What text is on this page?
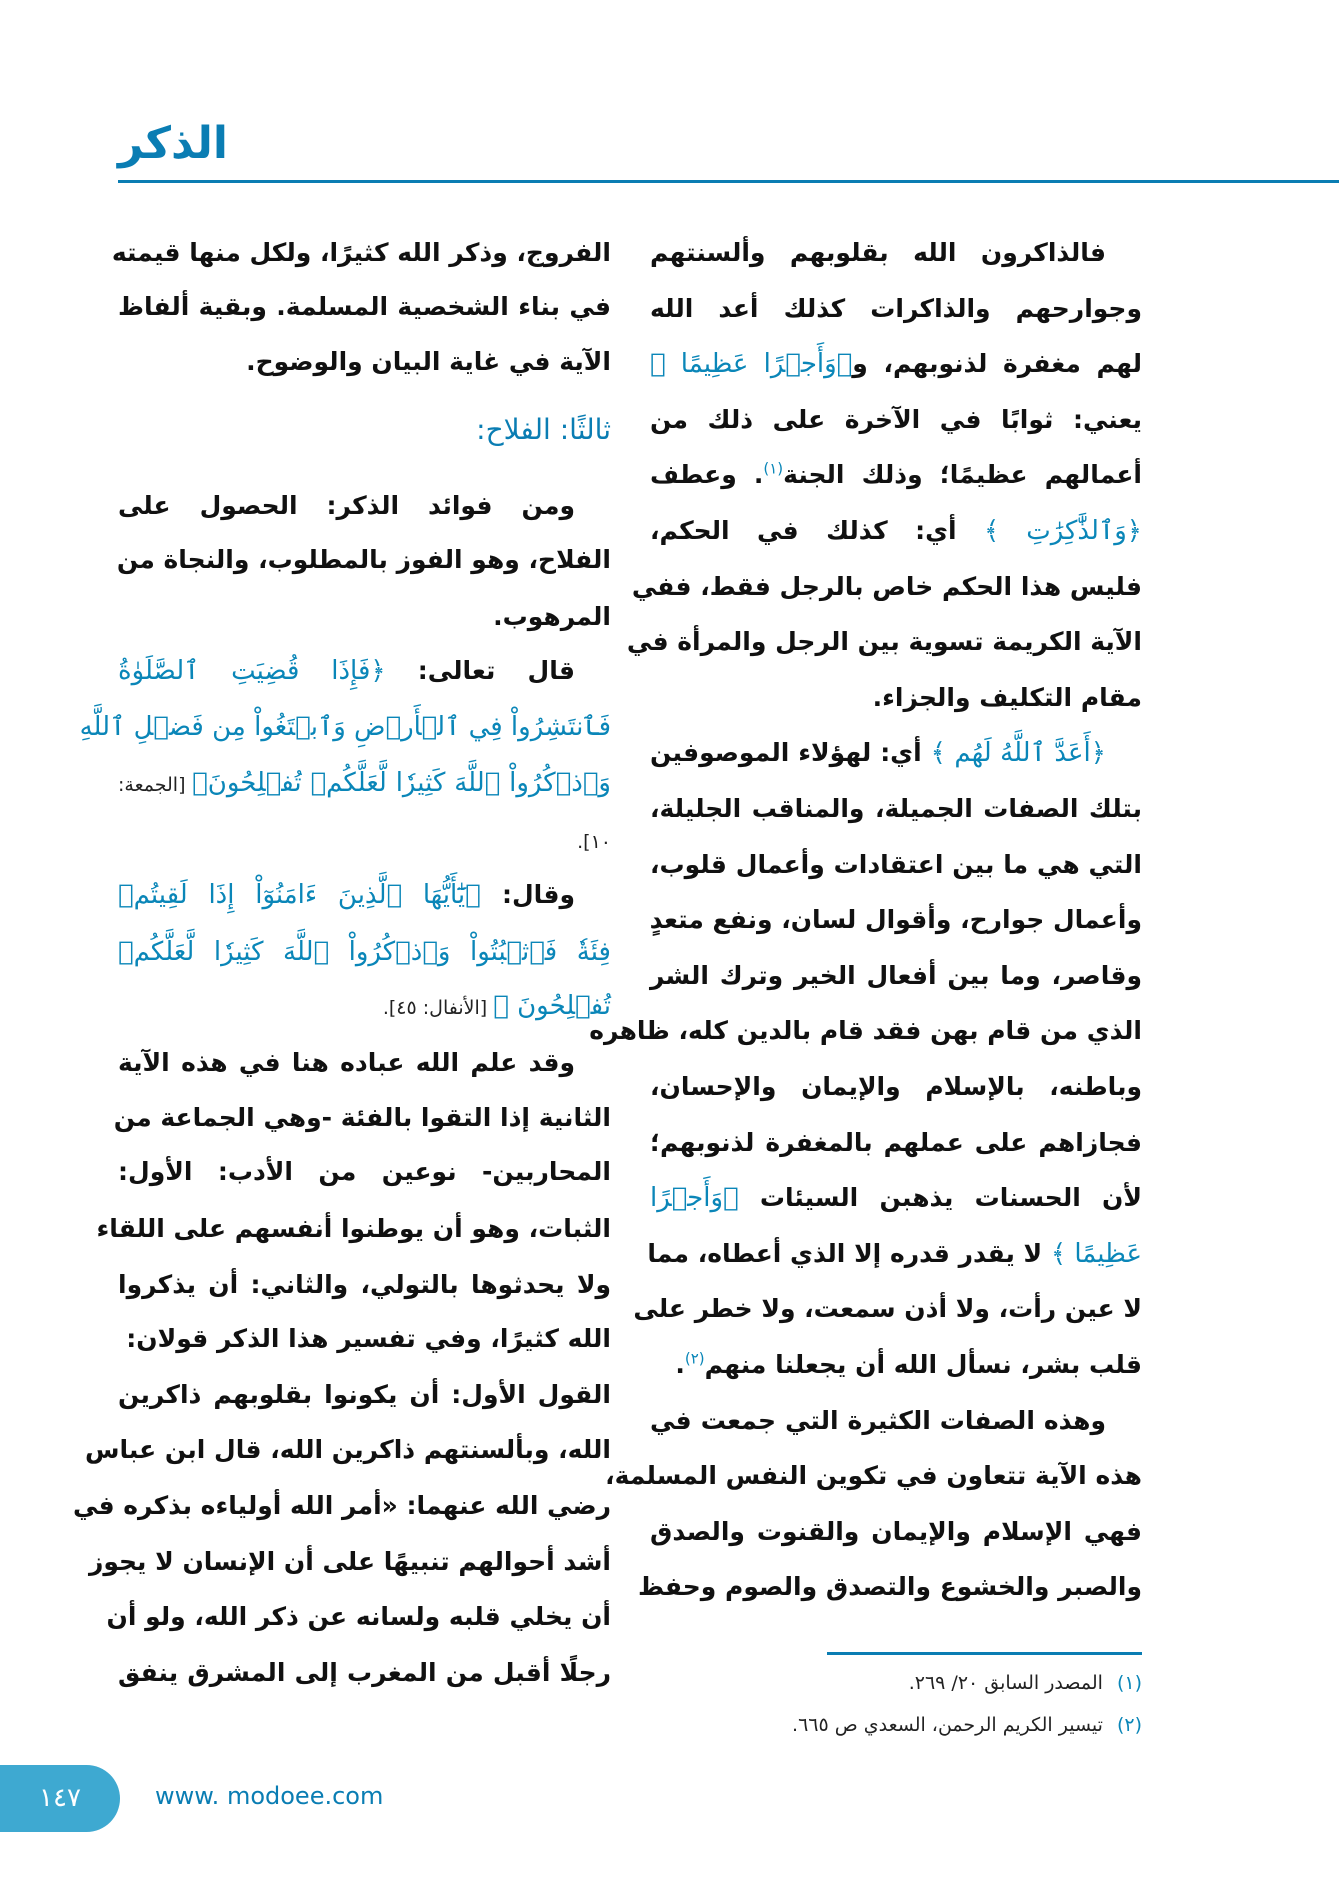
الذكر
فالذاكرون الله بقلوبهم وألسنتهم
وجوارحهم والذاكرات كذلك أعد الله
لهم مغفرة لذنوبهم، و﴿وَأَجۡرًا عَظِيمًا ﴾
يعني: ثوابًا في الآخرة على ذلك من
أعمالهم عظيمًا؛ وذلك الجنة$^{(١)}$. وعطف
﴿وَٱلذَّٰكِرَٰتِ ﴾ أي: كذلك في الحكم،
فليس هذا الحكم خاص بالرجل فقط، ففي
الآية الكريمة تسوية بين الرجل والمرأة في
مقام التكليف والجزاء.
﴿أَعَدَّ ٱللَّهُ لَهُم ﴾ أي: لهؤلاء الموصوفين
بتلك الصفات الجميلة، والمناقب الجليلة،
التي هي ما بين اعتقادات وأعمال قلوب،
وأعمال جوارح، وأقوال لسان، ونفع متعدٍ
وقاصر، وما بين أفعال الخير وترك الشر
الذي من قام بهن فقد قام بالدين كله، ظاهره
وباطنه، بالإسلام والإيمان والإحسان،
فجازاهم على عملهم بالمغفرة لذنوبهم؛
لأن الحسنات يذهبن السيئات ﴿وَأَجۡرًا
عَظِيمًا ﴾ لا يقدر قدره إلا الذي أعطاه، مما
لا عين رأت، ولا أذن سمعت، ولا خطر على
قلب بشر، نسأل الله أن يجعلنا منهم$^{(٢)}$.
وهذه الصفات الكثيرة التي جمعت في
هذه الآية تتعاون في تكوين النفس المسلمة،
فهي الإسلام والإيمان والقنوت والصدق
والصبر والخشوع والتصدق والصوم وحفظ
الفروج، وذكر الله كثيرًا، ولكل منها قيمته
في بناء الشخصية المسلمة. وبقية ألفاظ
الآية في غاية البيان والوضوح.
ثالثًا: الفلاح:
ومن فوائد الذكر: الحصول على
الفلاح، وهو الفوز بالمطلوب، والنجاة من
المرهوب.
قال تعالى: ﴿فَإِذَا قُضِيَتِ ٱلصَّلَوٰةُ
فَٱنتَشِرُواْ فِي ٱلۡأَرۡضِ وَٱبۡتَغُواْ مِن فَضۡلِ ٱللَّهِ
وَٱذۡكُرُواْ ٱللَّهَ كَثِيرٗا لَّعَلَّكُمۡ تُفۡلِحُونَ﴾ [الجمعة:
١٠].
وقال: ﴿يَٰٓأَيُّهَا ٱلَّذِينَ ءَامَنُوٓاْ إِذَا لَقِيتُمۡ
فِئَةٗ فَٱثۡبُتُواْ وَٱذۡكُرُواْ ٱللَّهَ كَثِيرٗا لَّعَلَّكُمۡ
تُفۡلِحُونَ ﴾ [الأنفال: ٤٥].
وقد علم الله عباده هنا في هذه الآية
الثانية إذا التقوا بالفئة -وهي الجماعة من
المحاربين- نوعين من الأدب: الأول:
الثبات، وهو أن يوطنوا أنفسهم على اللقاء
ولا يحدثوها بالتولي، والثاني: أن يذكروا
الله كثيرًا، وفي تفسير هذا الذكر قولان:
القول الأول: أن يكونوا بقلوبهم ذاكرين
الله، وبألسنتهم ذاكرين الله، قال ابن عباس
رضي الله عنهما: «أمر الله أولياءه بذكره في
أشد أحوالهم تنبيهًا على أن الإنسان لا يجوز
أن يخلي قلبه ولسانه عن ذكر الله، ولو أن
رجلًا أقبل من المغرب إلى المشرق ينفق	(١)المصدر السابق ٢٠/ ٢٦٩.
(٢)تيسير الكريم الرحمن، السعدي ص ٦٦٥.
١٤٧	www. modoee.com
